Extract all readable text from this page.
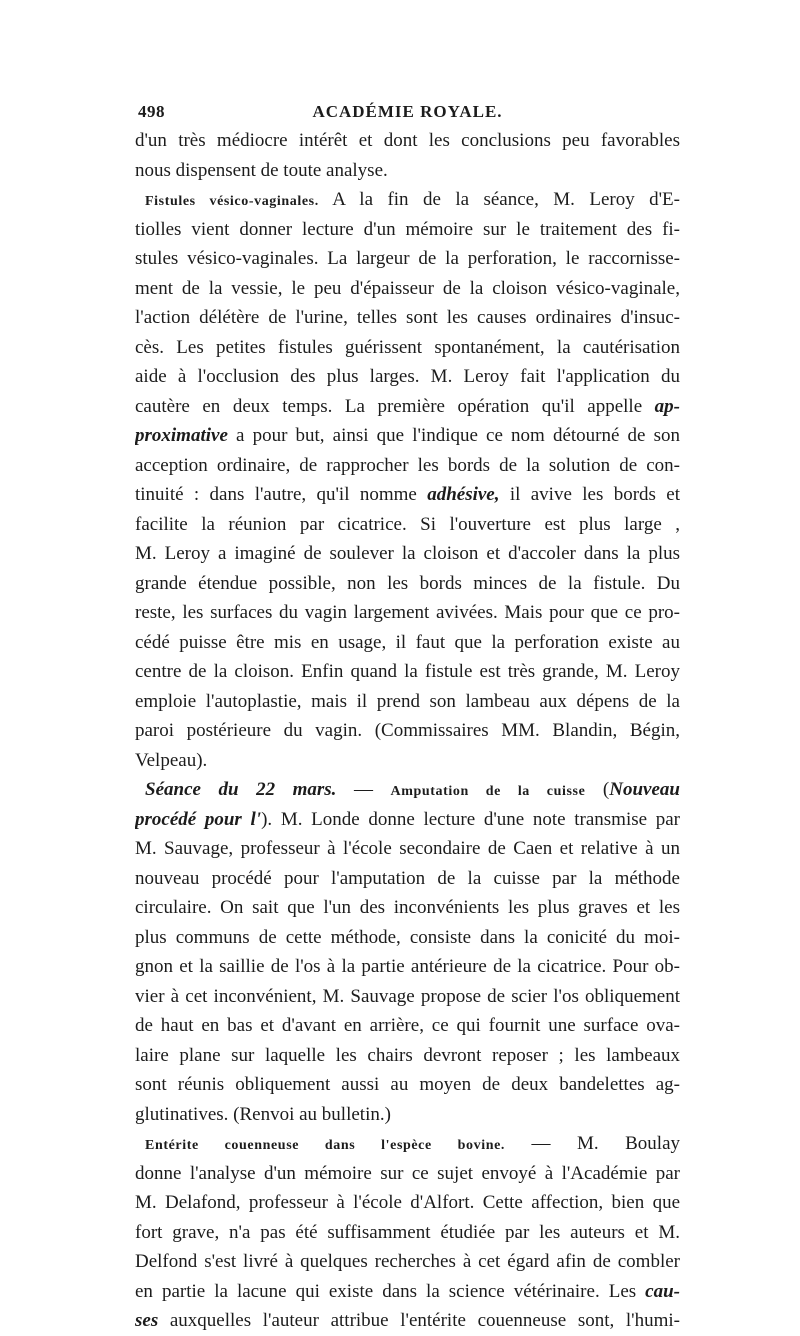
498	ACADÉMIE ROYALE.
d'un très médiocre intérêt et dont les conclusions peu favorables
nous dispensent de toute analyse.
Fistules vésico-vaginales. A la fin de la séance, M. Leroy d'E-
tiolles vient donner lecture d'un mémoire sur le traitement des fi-
stules vésico-vaginales. La largeur de la perforation, le raccornisse-
ment de la vessie, le peu d'épaisseur de la cloison vésico-vaginale,
l'action délétère de l'urine, telles sont les causes ordinaires d'insuc-
cès. Les petites fistules guérissent spontanément, la cautérisation
aide à l'occlusion des plus larges. M. Leroy fait l'application du
cautère en deux temps. La première opération qu'il appelle ap-
proximative a pour but, ainsi que l'indique ce nom détourné de son
acception ordinaire, de rapprocher les bords de la solution de con-
tinuité : dans l'autre, qu'il nomme adhésive, il avive les bords et
facilite la réunion par cicatrice. Si l'ouverture est plus large ,
M. Leroy a imaginé de soulever la cloison et d'accoler dans la plus
grande étendue possible, non les bords minces de la fistule. Du
reste, les surfaces du vagin largement avivées. Mais pour que ce pro-
cédé puisse être mis en usage, il faut que la perforation existe au
centre de la cloison. Enfin quand la fistule est très grande, M. Leroy
emploie l'autoplastie, mais il prend son lambeau aux dépens de la
paroi postérieure du vagin. (Commissaires MM. Blandin, Bégin,
Velpeau).
Séance du 22 mars. — Amputation de la cuisse (Nouveau
procédé pour l'). M. Londe donne lecture d'une note transmise par
M. Sauvage, professeur à l'école secondaire de Caen et relative à un
nouveau procédé pour l'amputation de la cuisse par la méthode
circulaire. On sait que l'un des inconvénients les plus graves et les
plus communs de cette méthode, consiste dans la conicité du moi-
gnon et la saillie de l'os à la partie antérieure de la cicatrice. Pour ob-
vier à cet inconvénient, M. Sauvage propose de scier l'os obliquement
de haut en bas et d'avant en arrière, ce qui fournit une surface ova-
laire plane sur laquelle les chairs devront reposer ; les lambeaux
sont réunis obliquement aussi au moyen de deux bandelettes ag-
glutinatives. (Renvoi au bulletin.)
Entérite couenneuse dans l'espèce bovine. — M. Boulay
donne l'analyse d'un mémoire sur ce sujet envoyé à l'Académie par
M. Delafond, professeur à l'école d'Alfort. Cette affection, bien que
fort grave, n'a pas été suffisamment étudiée par les auteurs et M.
Delfond s'est livré à quelques recherches à cet égard afin de combler
en partie la lacune qui existe dans la science vétérinaire. Les cau-
ses auxquelles l'auteur attribue l'entérite couenneuse sont, l'humi-
